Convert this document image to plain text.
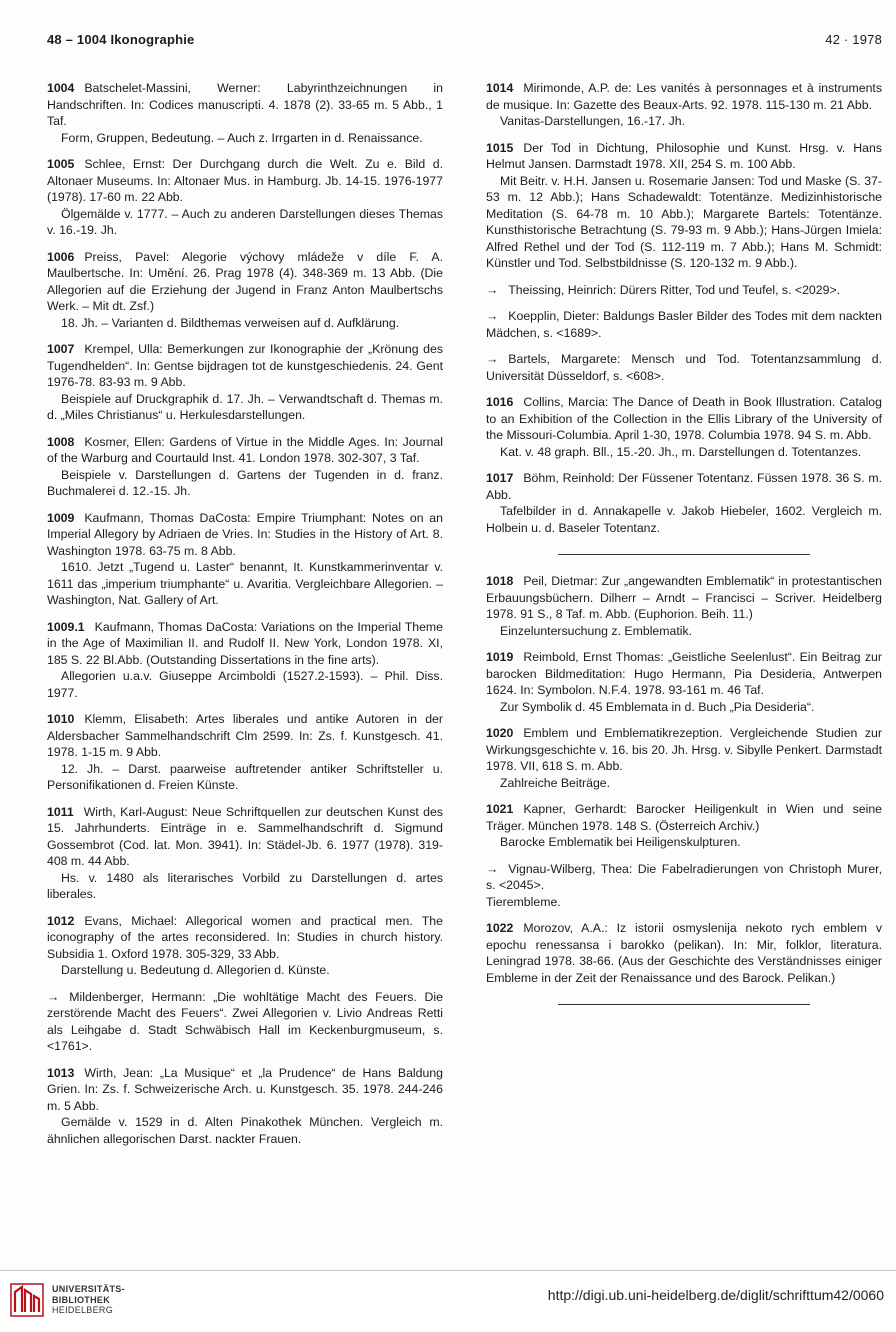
48 – 1004 Ikonographie	42 · 1978

1004 Batschelet-Massini, Werner: Labyrinthzeichnungen in Handschriften. In: Codices manuscripti. 4. 1878 (2). 33-65 m. 5 Abb., 1 Taf.

Form, Gruppen, Bedeutung. – Auch z. Irrgarten in d. Renaissance.

1005 Schlee, Ernst: Der Durchgang durch die Welt. Zu e. Bild d. Altonaer Museums. In: Altonaer Mus. in Hamburg. Jb. 14-15. 1976-1977 (1978). 17-60 m. 22 Abb.

Ölgemälde v. 1777. – Auch zu anderen Darstellungen dieses Themas v. 16.-19. Jh.

1006 Preiss, Pavel: Alegorie výchovy mládeže v díle F. A. Maulbertsche. In: Umění. 26. Prag 1978 (4). 348-369 m. 13 Abb. (Die Allegorien auf die Erziehung der Jugend in Franz Anton Maulbertschs Werk. – Mit dt. Zsf.)

18. Jh. – Varianten d. Bildthemas verweisen auf d. Aufklärung.

1007 Krempel, Ulla: Bemerkungen zur Ikonographie der „Krönung des Tugendhelden“. In: Gentse bijdragen tot de kunstgeschiedenis. 24. Gent 1976-78. 83-93 m. 9 Abb.

Beispiele auf Druckgraphik d. 17. Jh. – Verwandtschaft d. Themas m. d. „Miles Christianus“ u. Herkulesdarstellungen.

1008 Kosmer, Ellen: Gardens of Virtue in the Middle Ages. In: Journal of the Warburg and Courtauld Inst. 41. London 1978. 302-307, 3 Taf.

Beispiele v. Darstellungen d. Gartens der Tugenden in d. franz. Buchmalerei d. 12.-15. Jh.

1009 Kaufmann, Thomas DaCosta: Empire Triumphant: Notes on an Imperial Allegory by Adriaen de Vries. In: Studies in the History of Art. 8. Washington 1978. 63-75 m. 8 Abb.

1610. Jetzt „Tugend u. Laster“ benannt, It. Kunstkammerinventar v. 1611 das „imperium triumphante“ u. Avaritia. Vergleichbare Allegorien. – Washington, Nat. Gallery of Art.

1009.1 Kaufmann, Thomas DaCosta: Variations on the Imperial Theme in the Age of Maximilian II. and Rudolf II. New York, London 1978. XI, 185 S. 22 Bl.Abb. (Outstanding Dissertations in the fine arts).

Allegorien u.a.v. Giuseppe Arcimboldi (1527.2-1593). – Phil. Diss. 1977.

1010 Klemm, Elisabeth: Artes liberales und antike Autoren in der Aldersbacher Sammelhandschrift Clm 2599. In: Zs. f. Kunstgesch. 41. 1978. 1-15 m. 9 Abb.

12. Jh. – Darst. paarweise auftretender antiker Schriftsteller u. Personifikationen d. Freien Künste.

1011 Wirth, Karl-August: Neue Schriftquellen zur deutschen Kunst des 15. Jahrhunderts. Einträge in e. Sammelhandschrift d. Sigmund Gossembrot (Cod. lat. Mon. 3941). In: Städel-Jb. 6. 1977 (1978). 319-408 m. 44 Abb.

Hs. v. 1480 als literarisches Vorbild zu Darstellungen d. artes liberales.

1012 Evans, Michael: Allegorical women and practical men. The iconography of the artes reconsidered. In: Studies in church history. Subsidia 1. Oxford 1978. 305-329, 33 Abb.

Darstellung u. Bedeutung d. Allegorien d. Künste.

→ Mildenberger, Hermann: „Die wohltätige Macht des Feuers. Die zerstörende Macht des Feuers“. Zwei Allegorien v. Livio Andreas Retti als Leihgabe d. Stadt Schwäbisch Hall im Keckenburgmuseum, s. <1761>.

1013 Wirth, Jean: „La Musique“ et „la Prudence“ de Hans Baldung Grien. In: Zs. f. Schweizerische Arch. u. Kunstgesch. 35. 1978. 244-246 m. 5 Abb.

Gemälde v. 1529 in d. Alten Pinakothek München. Vergleich m. ähnlichen allegorischen Darst. nackter Frauen.

1014 Mirimonde, A.P. de: Les vanités à personnages et à instruments de musique. In: Gazette des Beaux-Arts. 92. 1978. 115-130 m. 21 Abb.

Vanitas-Darstellungen, 16.-17. Jh.

1015 Der Tod in Dichtung, Philosophie und Kunst. Hrsg. v. Hans Helmut Jansen. Darmstadt 1978. XII, 254 S. m. 100 Abb.

Mit Beitr. v. H.H. Jansen u. Rosemarie Jansen: Tod und Maske (S. 37-53 m. 12 Abb.); Hans Schadewaldt: Totentänze. Medizinhistorische Meditation (S. 64-78 m. 10 Abb.); Margarete Bartels: Totentänze. Kunsthistorische Betrachtung (S. 79-93 m. 9 Abb.); Hans-Jürgen Imiela: Alfred Rethel und der Tod (S. 112-119 m. 7 Abb.); Hans M. Schmidt: Künstler und Tod. Selbstbildnisse (S. 120-132 m. 9 Abb.).

→ Theissing, Heinrich: Dürers Ritter, Tod und Teufel, s. <2029>.
→ Koepplin, Dieter: Baldungs Basler Bilder des Todes mit dem nackten Mädchen, s. <1689>.
→ Bartels, Margarete: Mensch und Tod. Totentanzsammlung d. Universität Düsseldorf, s. <608>.

1016 Collins, Marcia: The Dance of Death in Book Illustration. Catalog to an Exhibition of the Collection in the Ellis Library of the University of the Missouri-Columbia. April 1-30, 1978. Columbia 1978. 94 S. m. Abb.

Kat. v. 48 graph. Bll., 15.-20. Jh., m. Darstellungen d. Totentanzes.

1017 Böhm, Reinhold: Der Füssener Totentanz. Füssen 1978. 36 S. m. Abb.

Tafelbilder in d. Annakapelle v. Jakob Hiebeler, 1602. Vergleich m. Holbein u. d. Baseler Totentanz.

1018 Peil, Dietmar: Zur „angewandten Emblematik“ in protestantischen Erbauungsbüchern. Dilherr – Arndt – Francisci – Scriver. Heidelberg 1978. 91 S., 8 Taf. m. Abb. (Euphorion. Beih. 11.)

Einzeluntersuchung z. Emblematik.

1019 Reimbold, Ernst Thomas: „Geistliche Seelenlust“. Ein Beitrag zur barocken Bildmeditation: Hugo Hermann, Pia Desideria, Antwerpen 1624. In: Symbolon. N.F.4. 1978. 93-161 m. 46 Taf.

Zur Symbolik d. 45 Emblemata in d. Buch „Pia Desideria“.

1020 Emblem und Emblematikrezeption. Vergleichende Studien zur Wirkungsgeschichte v. 16. bis 20. Jh. Hrsg. v. Sibylle Penkert. Darmstadt 1978. VII, 618 S. m. Abb.

Zahlreiche Beiträge.

1021 Kapner, Gerhardt: Barocker Heiligenkult in Wien und seine Träger. München 1978. 148 S. (Österreich Archiv.)

Barocke Emblematik bei Heiligenskulpturen.

→ Vignau-Wilberg, Thea: Die Fabelradierungen von Christoph Murer, s. <2045>.

Tierembleme.

1022 Morozov, A.A.: Iz istorii osmyslenija nekoto rych emblem v epochu renessansa i barokko (pelikan). In: Mir, folklor, literatura. Leningrad 1978. 38-66. (Aus der Geschichte des Verständnisses einiger Embleme in der Zeit der Renaissance und des Barock. Pelikan.)

UNIVERSITÄTS-
BIBLIOTHEK
HEIDELBERG
http://digi.ub.uni-heidelberg.de/diglit/schrifttum42/0060
